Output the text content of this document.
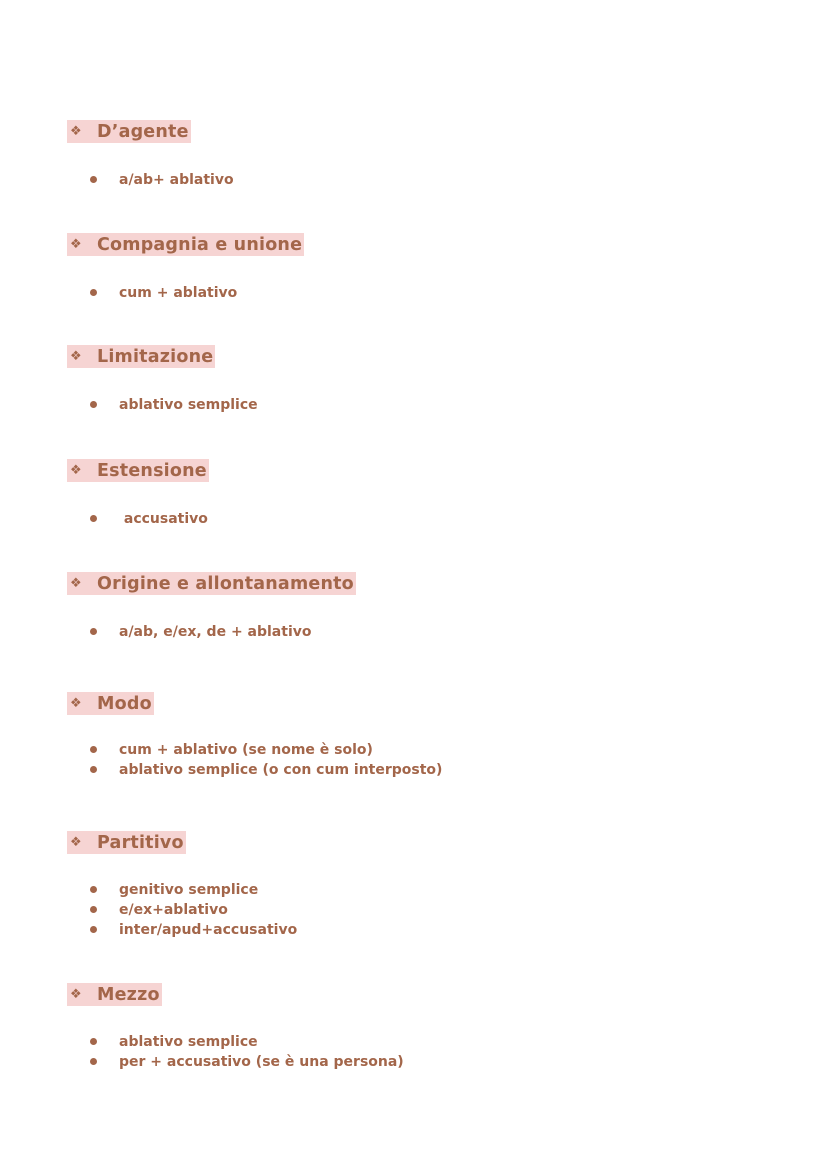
❖ D’agente
a/ab+ ablativo
❖ Compagnia e unione
cum + ablativo
❖ Limitazione
ablativo semplice
❖ Estensione
accusativo
❖ Origine e allontanamento
a/ab, e/ex, de + ablativo
❖ Modo
cum + ablativo (se nome è solo)
ablativo semplice (o con cum interposto)
❖ Partitivo
genitivo semplice
e/ex+ablativo
inter/apud+accusativo
❖ Mezzo
ablativo semplice
per + accusativo (se è una persona)
